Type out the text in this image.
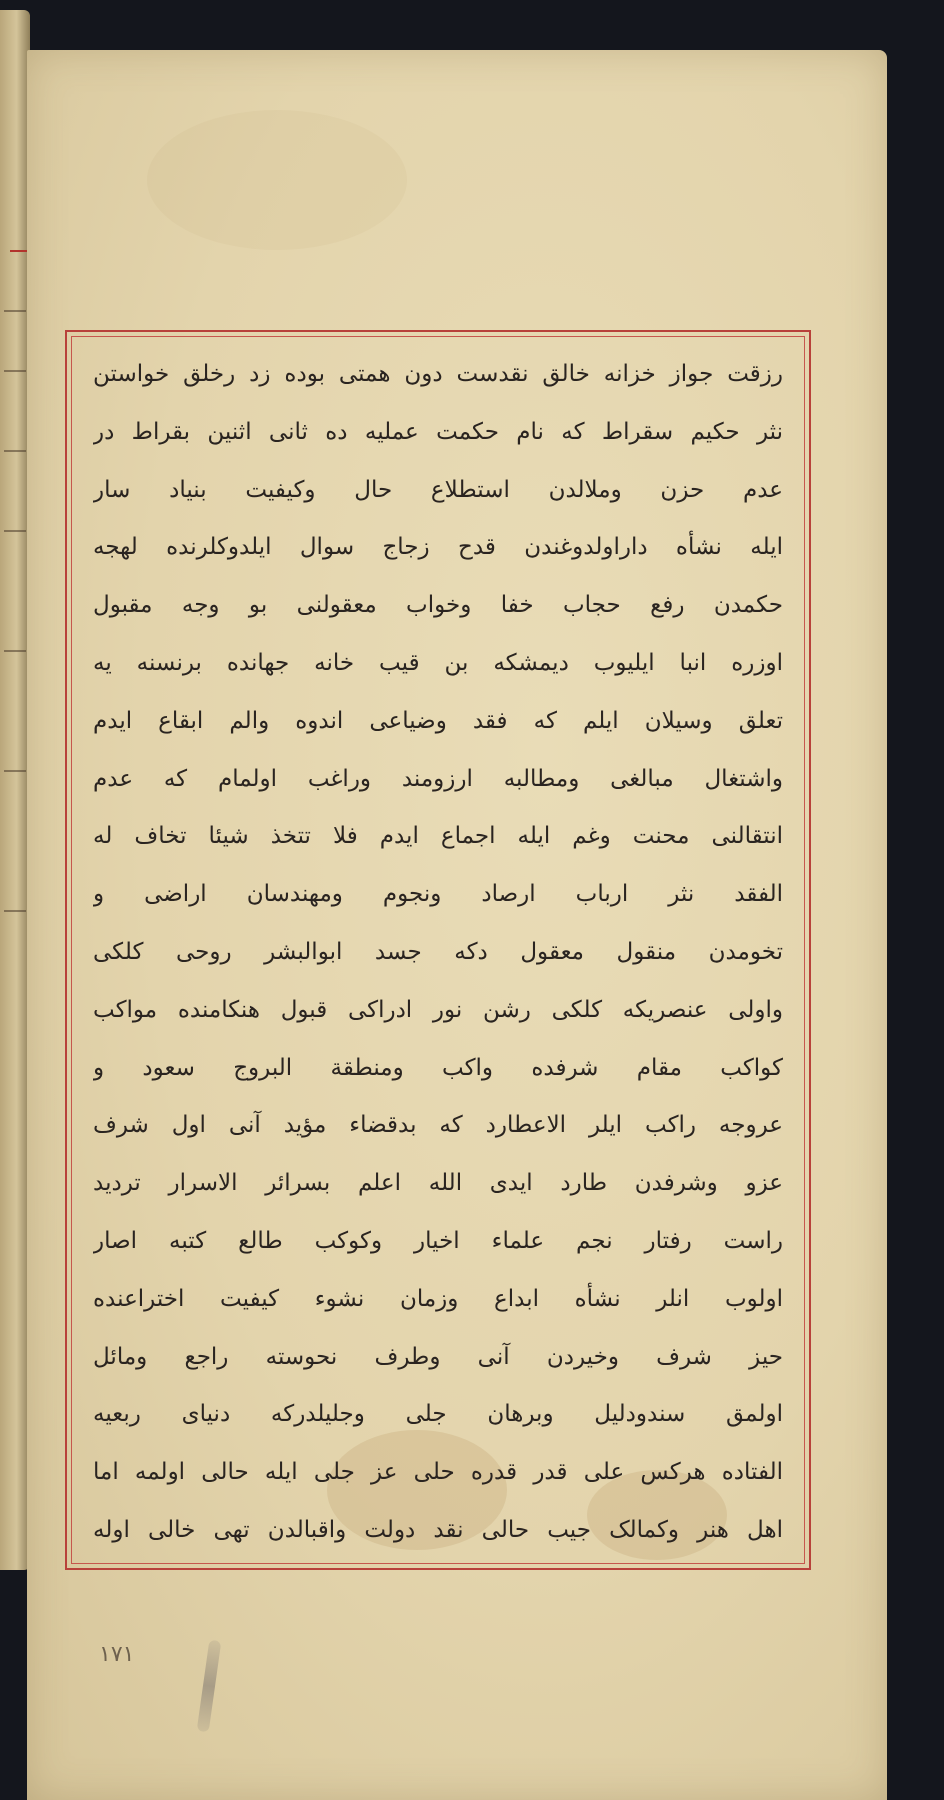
رزقت جواز خزانه خالق نقدست دون همتی بوده زد رخلق خواستن
نثر حکیم سقراط که نام حکمت عملیه ده ثانی اثنین بقراط در
عدم حزن وملالدن استطلاع حال وکیفیت بنیاد سار
ایله نشأه داراولدوغندن قدح زجاج سوال ایلدوکلرنده لهجه
حکمدن رفع حجاب خفا وخواب معقولنی بو وجه مقبول
اوزره انبا ایلیوب دیمشکه بن قیب خانه جهانده برنسنه یه
تعلق وسیلان ایلم که فقد وضیاعی اندوه والم ابقاع ایدم
واشتغال مبالغی ومطالبه ارزومند وراغب اولمام که عدم
انتقالنی محنت وغم ایله اجماع ایدم فلا تتخذ شیئا تخاف له
الفقد نثر ارباب ارصاد ونجوم ومهندسان اراضی و
تخومدن منقول معقول دکه جسد ابوالبشر روحی کلکی
واولی عنصریکه کلکی رشن نور ادراکی قبول هنکامنده مواکب
کواکب مقام شرفده واکب ومنطقة البروج سعود و
عروجه راکب ایلر الاعطارد که بدقضاء مؤید آنی اول شرف
عزو وشرفدن طارد ایدی الله اعلم بسرائر الاسرار تردید
راست رفتار نجم علماء اخیار وکوکب طالع کتبه اصار
اولوب انلر نشأه ابداع وزمان نشوء کیفیت اختراعنده
حیز شرف وخیردن آنی وطرف نحوسته راجع ومائل
اولمق سندودلیل وبرهان جلی وجلیلدرکه دنیای ربعیه
الفتاده هرکس علی قدر قدره حلی عز جلی ایله حالی اولمه اما
اهل هنر وکمالک جیب حالی نقد دولت واقبالدن تهی خالی اوله
١٧١
